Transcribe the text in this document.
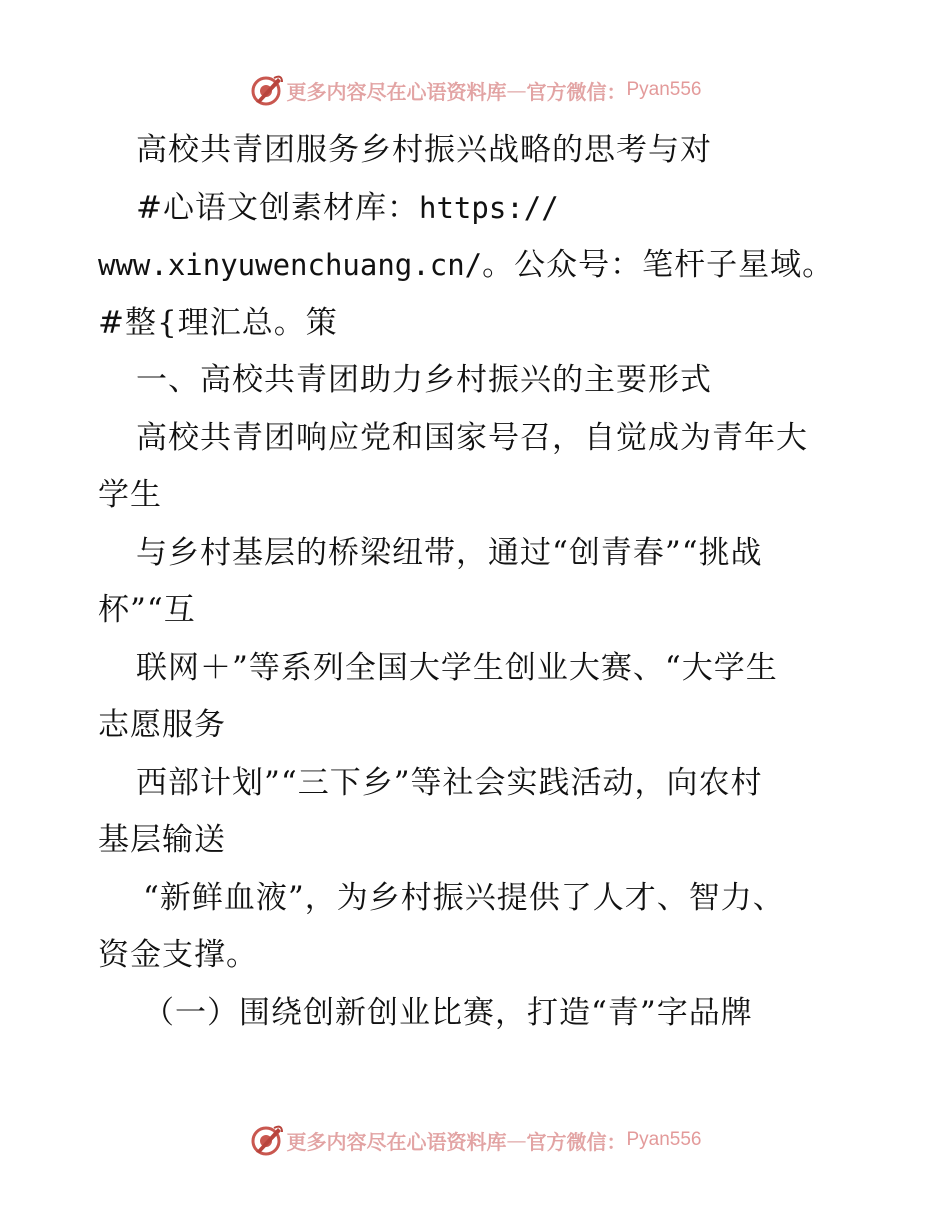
更多内容尽在心语资料库 — 官方微信： Pyan556
高校共青团服务乡村振兴战略的思考与对
#心语文创素材库：https://
www.xinyuwenchuang.cn/。公众号：笔杆子星域。
#整{理汇总。策
一、高校共青团助力乡村振兴的主要形式
高校共青团响应党和国家号召，自觉成为青年大
学生
与乡村基层的桥梁纽带，通过“创青春”“挑战
杯”“互
联网＋”等系列全国大学生创业大赛、“大学生
志愿服务
西部计划”“三下乡”等社会实践活动，向农村
基层输送
“新鲜血液”，为乡村振兴提供了人才、智力、
资金支撑。
（一）围绕创新创业比赛，打造“青”字品牌
更多内容尽在心语资料库 — 官方微信： Pyan556
